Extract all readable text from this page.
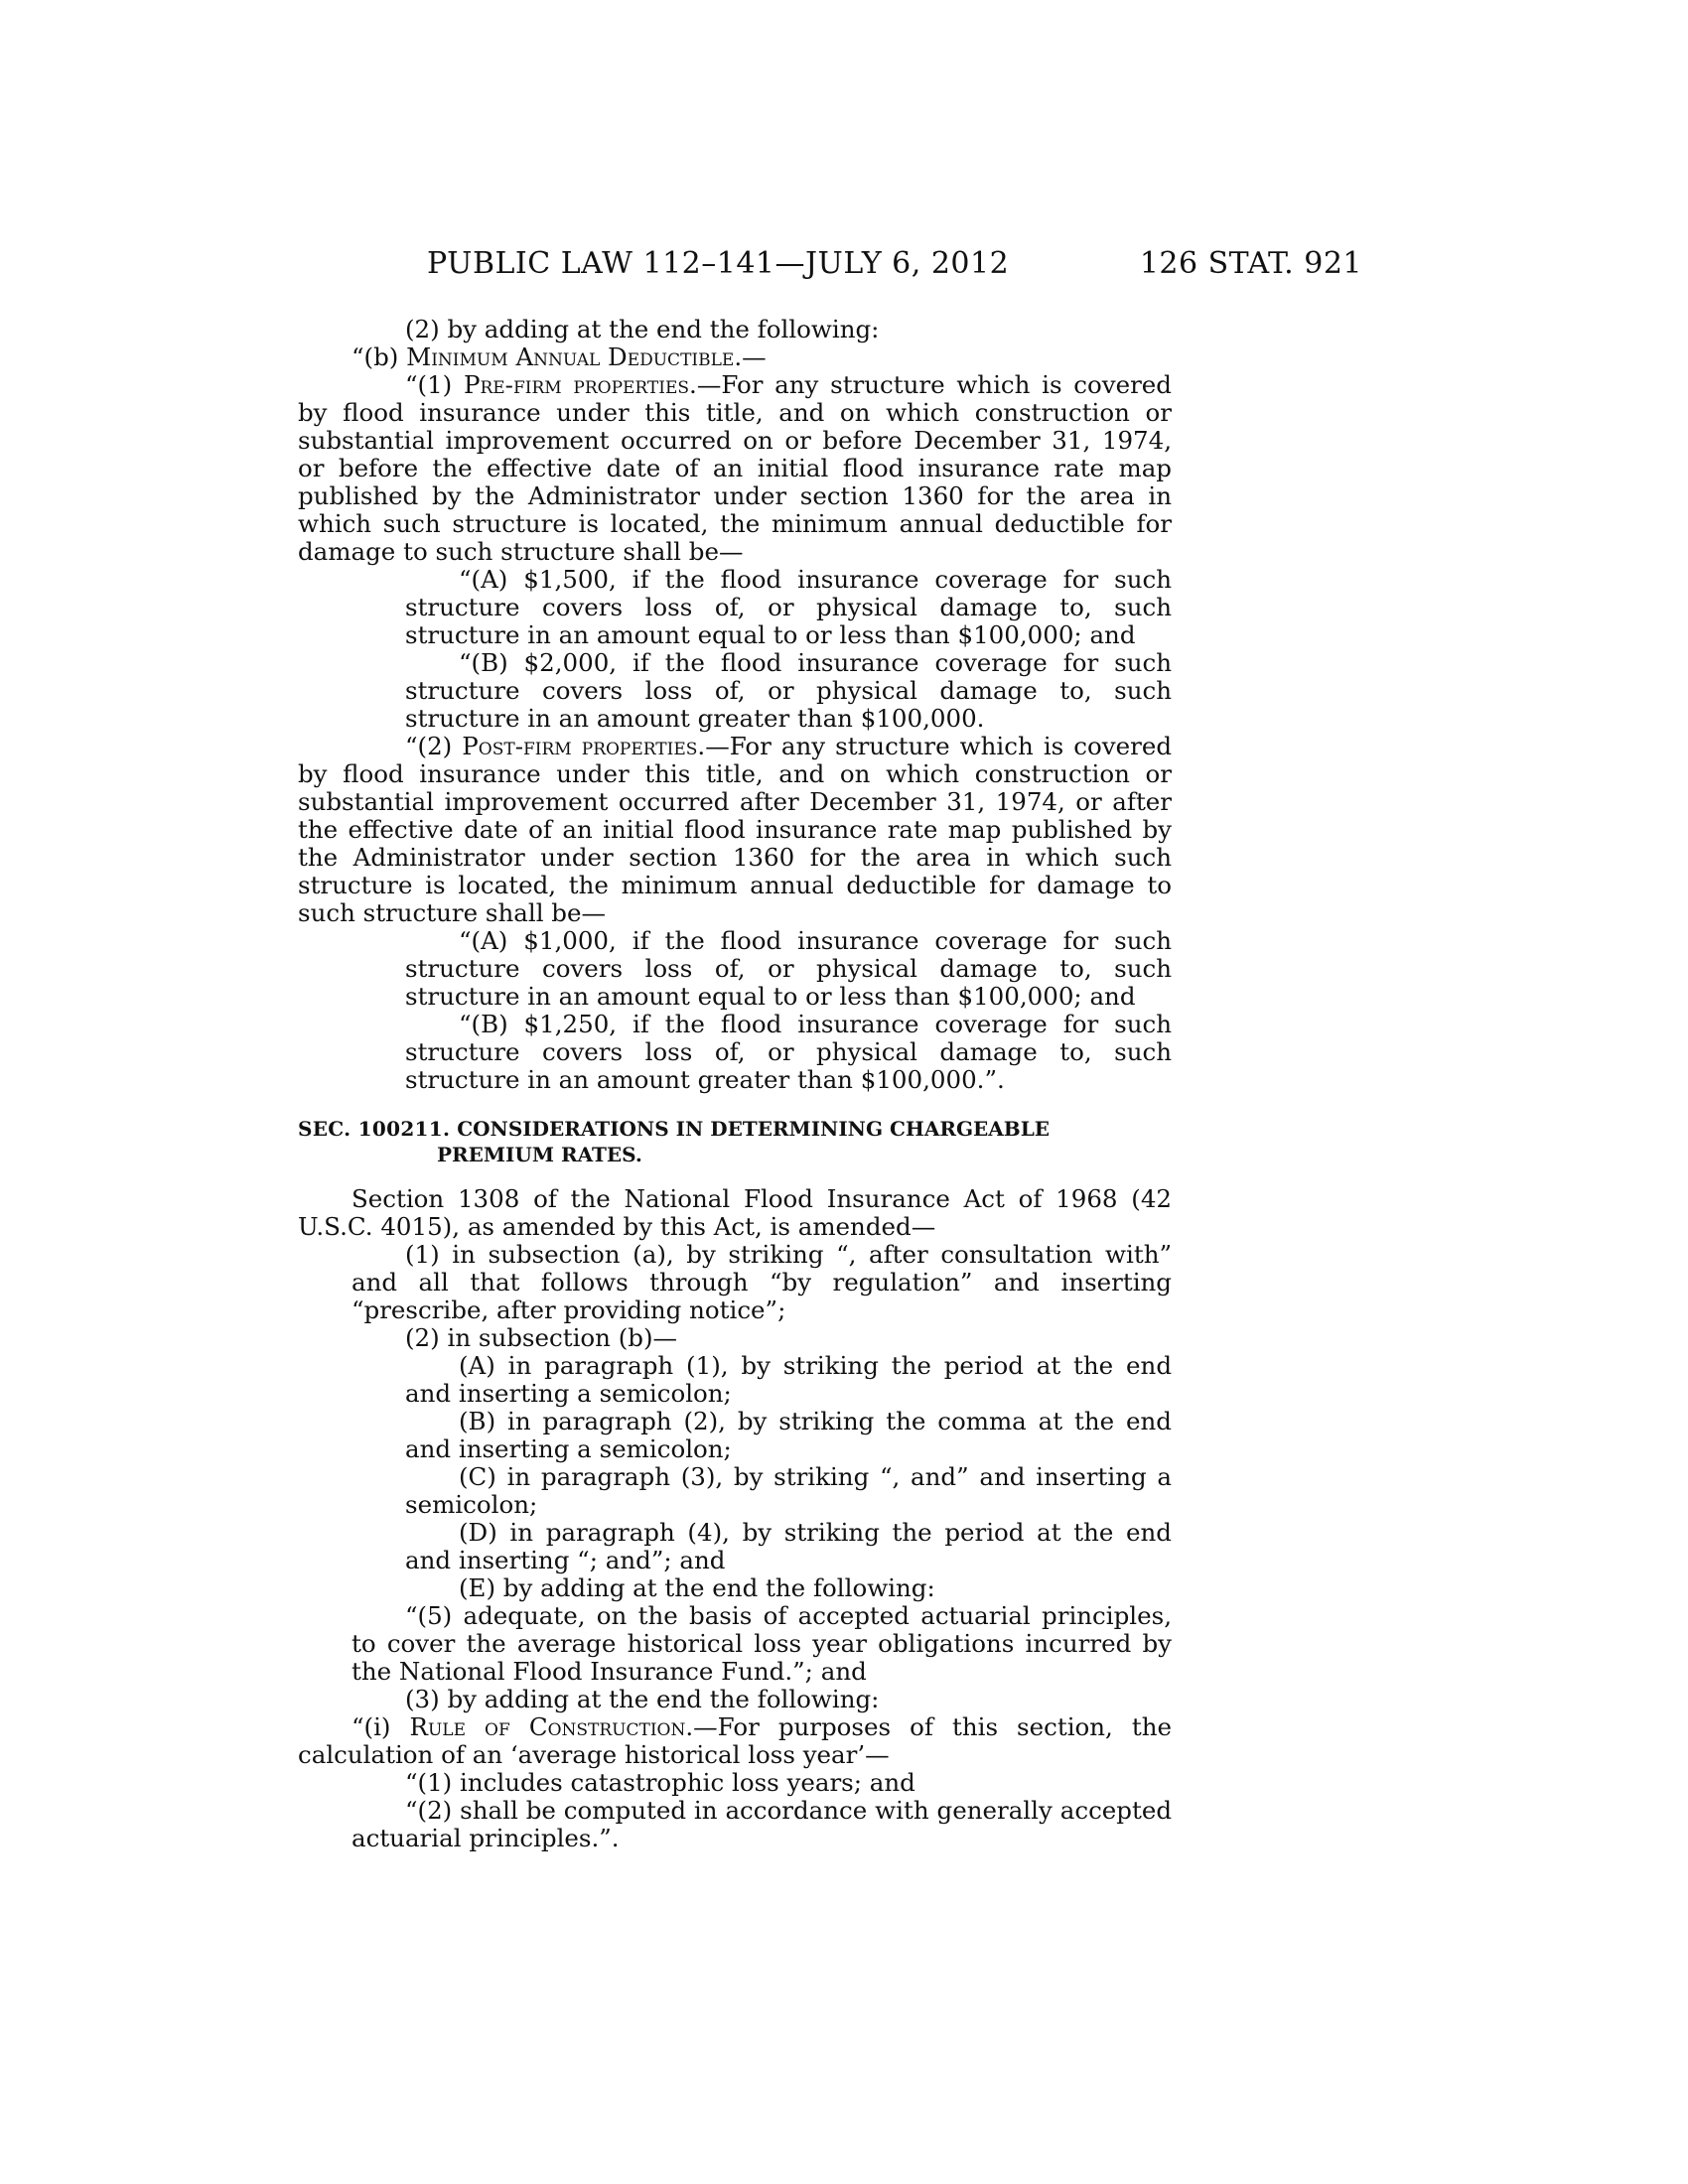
PUBLIC LAW 112–141—JULY 6, 2012	126 STAT. 921

(2) by adding at the end the following:

“(b) Minimum Annual Deductible.—

“(1) Pre-firm properties.—For any structure which is covered by flood insurance under this title, and on which construction or substantial improvement occurred on or before December 31, 1974, or before the effective date of an initial flood insurance rate map published by the Administrator under section 1360 for the area in which such structure is located, the minimum annual deductible for damage to such structure shall be—

“(A) $1,500, if the flood insurance coverage for such structure covers loss of, or physical damage to, such structure in an amount equal to or less than $100,000; and

“(B) $2,000, if the flood insurance coverage for such structure covers loss of, or physical damage to, such structure in an amount greater than $100,000.

“(2) Post-firm properties.—For any structure which is covered by flood insurance under this title, and on which construction or substantial improvement occurred after December 31, 1974, or after the effective date of an initial flood insurance rate map published by the Administrator under section 1360 for the area in which such structure is located, the minimum annual deductible for damage to such structure shall be—

“(A) $1,000, if the flood insurance coverage for such structure covers loss of, or physical damage to, such structure in an amount equal to or less than $100,000; and

“(B) $1,250, if the flood insurance coverage for such structure covers loss of, or physical damage to, such structure in an amount greater than $100,000.”.

SEC. 100211. CONSIDERATIONS IN DETERMINING CHARGEABLE PREMIUM RATES.

Section 1308 of the National Flood Insurance Act of 1968 (42 U.S.C. 4015), as amended by this Act, is amended—

(1) in subsection (a), by striking “, after consultation with” and all that follows through “by regulation” and inserting “prescribe, after providing notice”;

(2) in subsection (b)—

(A) in paragraph (1), by striking the period at the end and inserting a semicolon;

(B) in paragraph (2), by striking the comma at the end and inserting a semicolon;

(C) in paragraph (3), by striking “, and” and inserting a semicolon;

(D) in paragraph (4), by striking the period at the end and inserting “; and”; and

(E) by adding at the end the following:

“(5) adequate, on the basis of accepted actuarial principles, to cover the average historical loss year obligations incurred by the National Flood Insurance Fund.”; and

(3) by adding at the end the following:

“(i) Rule of Construction.—For purposes of this section, the calculation of an ‘average historical loss year’—

“(1) includes catastrophic loss years; and

“(2) shall be computed in accordance with generally accepted actuarial principles.”.
